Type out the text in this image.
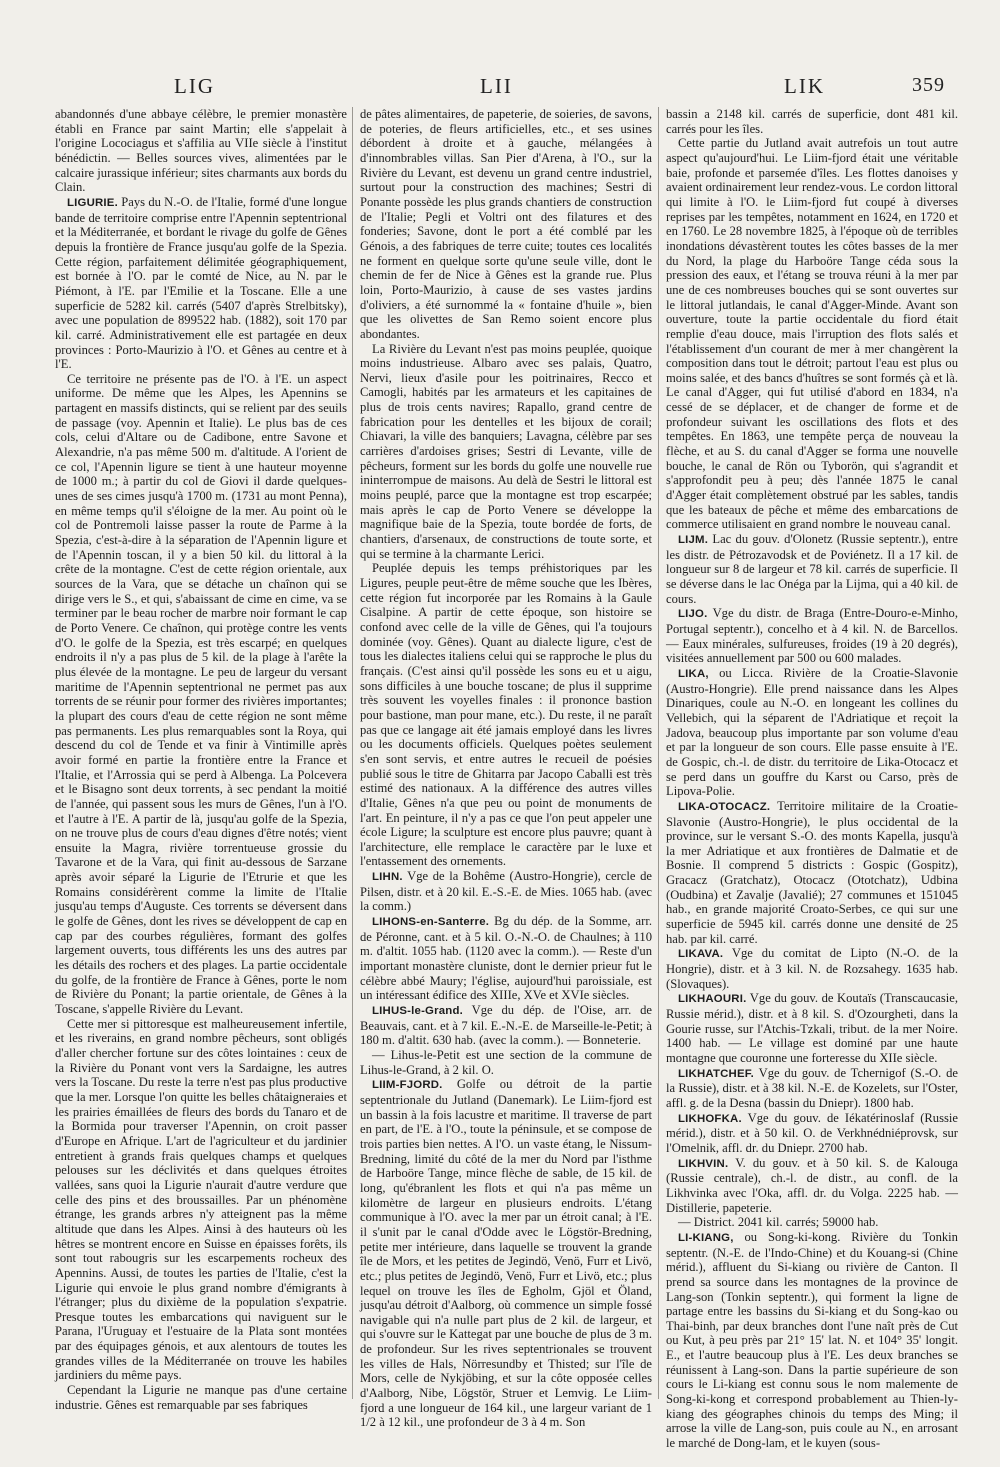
LIG	LII	LIK	359

abandonnés d'une abbaye célèbre, le premier monastère établi en France par saint Martin; elle s'appelait à l'origine Locociagus et s'affilia au VIIe siècle à l'institut bénédictin. — Belles sources vives, alimentées par le calcaire jurassique inférieur; sites charmants aux bords du Clain.

LIGURIE. Pays du N.-O. de l'Italie, formé d'une longue bande de territoire comprise entre l'Apennin septentrional et la Méditerranée, et bordant le rivage du golfe de Gênes depuis la frontière de France jusqu'au golfe de la Spezia. Cette région, parfaitement délimitée géographiquement, est bornée à l'O. par le comté de Nice, au N. par le Piémont, à l'E. par l'Emilie et la Toscane. Elle a une superficie de 5282 kil. carrés (5407 d'après Strelbitsky), avec une population de 899522 hab. (1882), soit 170 par kil. carré. Administrativement elle est partagée en deux provinces : Porto-Maurizio à l'O. et Gênes au centre et à l'E.

Ce territoire ne présente pas de l'O. à l'E. un aspect uniforme. De même que les Alpes, les Apennins se partagent en massifs distincts, qui se relient par des seuils de passage (voy. Apennin et Italie). Le plus bas de ces cols, celui d'Altare ou de Cadibone, entre Savone et Alexandrie, n'a pas même 500 m. d'altitude. A l'orient de ce col, l'Apennin ligure se tient à une hauteur moyenne de 1000 m.; à partir du col de Giovi il darde quelques-unes de ses cimes jusqu'à 1700 m. (1731 au mont Penna), en même temps qu'il s'éloigne de la mer. Au point où le col de Pontremoli laisse passer la route de Parme à la Spezia, c'est-à-dire à la séparation de l'Apennin ligure et de l'Apennin toscan, il y a bien 50 kil. du littoral à la crête de la montagne. C'est de cette région orientale, aux sources de la Vara, que se détache un chaînon qui se dirige vers le S., et qui, s'abaissant de cime en cime, va se terminer par le beau rocher de marbre noir formant le cap de Porto Venere. Ce chaînon, qui protège contre les vents d'O. le golfe de la Spezia, est très escarpé; en quelques endroits il n'y a pas plus de 5 kil. de la plage à l'arête la plus élevée de la montagne. Le peu de largeur du versant maritime de l'Apennin septentrional ne permet pas aux torrents de se réunir pour former des rivières importantes; la plupart des cours d'eau de cette région ne sont même pas permanents. Les plus remarquables sont la Roya, qui descend du col de Tende et va finir à Vintimille après avoir formé en partie la frontière entre la France et l'Italie, et l'Arrossia qui se perd à Albenga. La Polcevera et le Bisagno sont deux torrents, à sec pendant la moitié de l'année, qui passent sous les murs de Gênes, l'un à l'O. et l'autre à l'E. A partir de là, jusqu'au golfe de la Spezia, on ne trouve plus de cours d'eau dignes d'être notés; vient ensuite la Magra, rivière torrentueuse grossie du Tavarone et de la Vara, qui finit au-dessous de Sarzane après avoir séparé la Ligurie de l'Etrurie et que les Romains considérèrent comme la limite de l'Italie jusqu'au temps d'Auguste. Ces torrents se déversent dans le golfe de Gênes, dont les rives se développent de cap en cap par des courbes régulières, formant des golfes largement ouverts, tous différents les uns des autres par les détails des rochers et des plages. La partie occidentale du golfe, de la frontière de France à Gênes, porte le nom de Rivière du Ponant; la partie orientale, de Gênes à la Toscane, s'appelle Rivière du Levant.

Cette mer si pittoresque est malheureusement infertile, et les riverains, en grand nombre pêcheurs, sont obligés d'aller chercher fortune sur des côtes lointaines : ceux de la Rivière du Ponant vont vers la Sardaigne, les autres vers la Toscane. Du reste la terre n'est pas plus productive que la mer. Lorsque l'on quitte les belles châtaigneraies et les prairies émaillées de fleurs des bords du Tanaro et de la Bormida pour traverser l'Apennin, on croit passer d'Europe en Afrique. L'art de l'agriculteur et du jardinier entretient à grands frais quelques champs et quelques pelouses sur les déclivités et dans quelques étroites vallées, sans quoi la Ligurie n'aurait d'autre verdure que celle des pins et des broussailles. Par un phénomène étrange, les grands arbres n'y atteignent pas la même altitude que dans les Alpes. Ainsi à des hauteurs où les hêtres se montrent encore en Suisse en épaisses forêts, ils sont tout rabougris sur les escarpements rocheux des Apennins. Aussi, de toutes les parties de l'Italie, c'est la Ligurie qui envoie le plus grand nombre d'émigrants à l'étranger; plus du dixième de la population s'expatrie. Presque toutes les embarcations qui naviguent sur le Parana, l'Uruguay et l'estuaire de la Plata sont montées par des équipages génois, et aux alentours de toutes les grandes villes de la Méditerranée on trouve les habiles jardiniers du même pays.

Cependant la Ligurie ne manque pas d'une certaine industrie. Gênes est remarquable par ses fabriques

de pâtes alimentaires, de papeterie, de soieries, de savons, de poteries, de fleurs artificielles, etc., et ses usines débordent à droite et à gauche, mélangées à d'innombrables villas. San Pier d'Arena, à l'O., sur la Rivière du Levant, est devenu un grand centre industriel, surtout pour la construction des machines; Sestri di Ponante possède les plus grands chantiers de construction de l'Italie; Pegli et Voltri ont des filatures et des fonderies; Savone, dont le port a été comblé par les Génois, a des fabriques de terre cuite; toutes ces localités ne forment en quelque sorte qu'une seule ville, dont le chemin de fer de Nice à Gênes est la grande rue. Plus loin, Porto-Maurizio, à cause de ses vastes jardins d'oliviers, a été surnommé la « fontaine d'huile », bien que les olivettes de San Remo soient encore plus abondantes.

La Rivière du Levant n'est pas moins peuplée, quoique moins industrieuse. Albaro avec ses palais, Quatro, Nervi, lieux d'asile pour les poitrinaires, Recco et Camogli, habités par les armateurs et les capitaines de plus de trois cents navires; Rapallo, grand centre de fabrication pour les dentelles et les bijoux de corail; Chiavari, la ville des banquiers; Lavagna, célèbre par ses carrières d'ardoises grises; Sestri di Levante, ville de pêcheurs, forment sur les bords du golfe une nouvelle rue ininterrompue de maisons. Au delà de Sestri le littoral est moins peuplé, parce que la montagne est trop escarpée; mais après le cap de Porto Venere se développe la magnifique baie de la Spezia, toute bordée de forts, de chantiers, d'arsenaux, de constructions de toute sorte, et qui se termine à la charmante Lerici.

Peuplée depuis les temps préhistoriques par les Ligures, peuple peut-être de même souche que les Ibères, cette région fut incorporée par les Romains à la Gaule Cisalpine. A partir de cette époque, son histoire se confond avec celle de la ville de Gênes, qui l'a toujours dominée (voy. Gênes). Quant au dialecte ligure, c'est de tous les dialectes italiens celui qui se rapproche le plus du français. (C'est ainsi qu'il possède les sons eu et u aigu, sons difficiles à une bouche toscane; de plus il supprime très souvent les voyelles finales : il prononce bastion pour bastione, man pour mane, etc.). Du reste, il ne paraît pas que ce langage ait été jamais employé dans les livres ou les documents officiels. Quelques poètes seulement s'en sont servis, et entre autres le recueil de poésies publié sous le titre de Ghitarra par Jacopo Caballi est très estimé des nationaux. A la différence des autres villes d'Italie, Gênes n'a que peu ou point de monuments de l'art. En peinture, il n'y a pas ce que l'on peut appeler une école Ligure; la sculpture est encore plus pauvre; quant à l'architecture, elle remplace le caractère par le luxe et l'entassement des ornements.

LIHN. Vge de la Bohême (Austro-Hongrie), cercle de Pilsen, distr. et à 20 kil. E.-S.-E. de Mies. 1065 hab. (avec la comm.)

LIHONS-en-Santerre. Bg du dép. de la Somme, arr. de Péronne, cant. et à 5 kil. O.-N.-O. de Chaulnes; à 110 m. d'altit. 1055 hab. (1120 avec la comm.). — Reste d'un important monastère cluniste, dont le dernier prieur fut le célèbre abbé Maury; l'église, aujourd'hui paroissiale, est un intéressant édifice des XIIIe, XVe et XVIe siècles.

LIHUS-le-Grand. Vge du dép. de l'Oise, arr. de Beauvais, cant. et à 7 kil. E.-N.-E. de Marseille-le-Petit; à 180 m. d'altit. 630 hab. (avec la comm.). — Bonneterie.

— Lihus-le-Petit est une section de la commune de Lihus-le-Grand, à 2 kil. O.

LIIM-FJORD. Golfe ou détroit de la partie septentrionale du Jutland (Danemark). Le Liim-fjord est un bassin à la fois lacustre et maritime. Il traverse de part en part, de l'E. à l'O., toute la péninsule, et se compose de trois parties bien nettes. A l'O. un vaste étang, le Nissum-Bredning, limité du côté de la mer du Nord par l'isthme de Harboöre Tange, mince flèche de sable, de 15 kil. de long, qu'ébranlent les flots et qui n'a pas même un kilomètre de largeur en plusieurs endroits. L'étang communique à l'O. avec la mer par un étroit canal; à l'E. il s'unit par le canal d'Odde avec le Lögstör-Bredning, petite mer intérieure, dans laquelle se trouvent la grande île de Mors, et les petites de Jegindö, Venö, Furr et Livö, etc.; plus petites de Jegindö, Venö, Furr et Livö, etc.; plus lequel on trouve les îles de Egholm, Gjöl et Öland, jusqu'au détroit d'Aalborg, où commence un simple fossé navigable qui n'a nulle part plus de 2 kil. de largeur, et qui s'ouvre sur le Kattegat par une bouche de plus de 3 m. de profondeur. Sur les rives septentrionales se trouvent les villes de Hals, Nörresundby et Thisted; sur l'île de Mors, celle de Nykjöbing, et sur la côte opposée celles d'Aalborg, Nibe, Lögstör, Struer et Lemvig. Le Liim-fjord a une longueur de 164 kil., une largeur variant de 1 1/2 à 12 kil., une profondeur de 3 à 4 m. Son

bassin a 2148 kil. carrés de superficie, dont 481 kil. carrés pour les îles.

Cette partie du Jutland avait autrefois un tout autre aspect qu'aujourd'hui. Le Liim-fjord était une véritable baie, profonde et parsemée d'îles. Les flottes danoises y avaient ordinairement leur rendez-vous. Le cordon littoral qui limite à l'O. le Liim-fjord fut coupé à diverses reprises par les tempêtes, notamment en 1624, en 1720 et en 1760. Le 28 novembre 1825, à l'époque où de terribles inondations dévastèrent toutes les côtes basses de la mer du Nord, la plage du Harboöre Tange céda sous la pression des eaux, et l'étang se trouva réuni à la mer par une de ces nombreuses bouches qui se sont ouvertes sur le littoral jutlandais, le canal d'Agger-Minde. Avant son ouverture, toute la partie occidentale du fiord était remplie d'eau douce, mais l'irruption des flots salés et l'établissement d'un courant de mer à mer changèrent la composition dans tout le détroit; partout l'eau est plus ou moins salée, et des bancs d'huîtres se sont formés çà et là. Le canal d'Agger, qui fut utilisé d'abord en 1834, n'a cessé de se déplacer, et de changer de forme et de profondeur suivant les oscillations des flots et des tempêtes. En 1863, une tempête perça de nouveau la flèche, et au S. du canal d'Agger se forma une nouvelle bouche, le canal de Rön ou Tyborön, qui s'agrandit et s'approfondit peu à peu; dès l'année 1875 le canal d'Agger était complètement obstrué par les sables, tandis que les bateaux de pêche et même des embarcations de commerce utilisaient en grand nombre le nouveau canal.

LIJM. Lac du gouv. d'Olonetz (Russie septentr.), entre les distr. de Pétrozavodsk et de Poviénetz. Il a 17 kil. de longueur sur 8 de largeur et 78 kil. carrés de superficie. Il se déverse dans le lac Onéga par la Lijma, qui a 40 kil. de cours.

LIJO. Vge du distr. de Braga (Entre-Douro-e-Minho, Portugal septentr.), concelho et à 4 kil. N. de Barcellos. — Eaux minérales, sulfureuses, froides (19 à 20 degrés), visitées annuellement par 500 ou 600 malades.

LIKA, ou Licca. Rivière de la Croatie-Slavonie (Austro-Hongrie). Elle prend naissance dans les Alpes Dinariques, coule au N.-O. en longeant les collines du Vellebich, qui la séparent de l'Adriatique et reçoit la Jadova, beaucoup plus importante par son volume d'eau et par la longueur de son cours. Elle passe ensuite à l'E. de Gospic, ch.-l. de distr. du territoire de Lika-Otocacz et se perd dans un gouffre du Karst ou Carso, près de Lipova-Polie.

LIKA-OTOCACZ. Territoire militaire de la Croatie-Slavonie (Austro-Hongrie), le plus occidental de la province, sur le versant S.-O. des monts Kapella, jusqu'à la mer Adriatique et aux frontières de Dalmatie et de Bosnie. Il comprend 5 districts : Gospic (Gospitz), Gracacz (Gratchatz), Otocacz (Ototchatz), Udbina (Oudbina) et Zavalje (Javalié); 27 communes et 151045 hab., en grande majorité Croato-Serbes, ce qui sur une superficie de 5945 kil. carrés donne une densité de 25 hab. par kil. carré.

LIKAVA. Vge du comitat de Lipto (N.-O. de la Hongrie), distr. et à 3 kil. N. de Rozsahegy. 1635 hab. (Slovaques).

LIKHAOURI. Vge du gouv. de Koutaïs (Transcaucasie, Russie mérid.), distr. et à 8 kil. S. d'Ozourgheti, dans la Gourie russe, sur l'Atchis-Tzkali, tribut. de la mer Noire. 1400 hab. — Le village est dominé par une haute montagne que couronne une forteresse du XIIe siècle.

LIKHATCHEF. Vge du gouv. de Tchernigof (S.-O. de la Russie), distr. et à 38 kil. N.-E. de Kozelets, sur l'Oster, affl. g. de la Desna (bassin du Dniepr). 1800 hab.

LIKHOFKA. Vge du gouv. de Iékatérinoslaf (Russie mérid.), distr. et à 50 kil. O. de Verkhnédniéprovsk, sur l'Omelnik, affl. dr. du Dniepr. 2700 hab.

LIKHVIN. V. du gouv. et à 50 kil. S. de Kalouga (Russie centrale), ch.-l. de distr., au confl. de la Likhvinka avec l'Oka, affl. dr. du Volga. 2225 hab. — Distillerie, papeterie.

— District. 2041 kil. carrés; 59000 hab.

LI-KIANG, ou Song-ki-kong. Rivière du Tonkin septentr. (N.-E. de l'Indo-Chine) et du Kouang-si (Chine mérid.), affluent du Si-kiang ou rivière de Canton. Il prend sa source dans les montagnes de la province de Lang-son (Tonkin septentr.), qui forment la ligne de partage entre les bassins du Si-kiang et du Song-kao ou Thai-binh, par deux branches dont l'une naît près de Cut ou Kut, à peu près par 21° 15' lat. N. et 104° 35' longit. E., et l'autre beaucoup plus à l'E. Les deux branches se réunissent à Lang-son. Dans la partie supérieure de son cours le Li-kiang est connu sous le nom malemente de Song-ki-kong et correspond probablement au Thien-ly-kiang des géographes chinois du temps des Ming; il arrose la ville de Lang-son, puis coule au N., en arrosant le marché de Dong-lam, et le kuyen (sous-
